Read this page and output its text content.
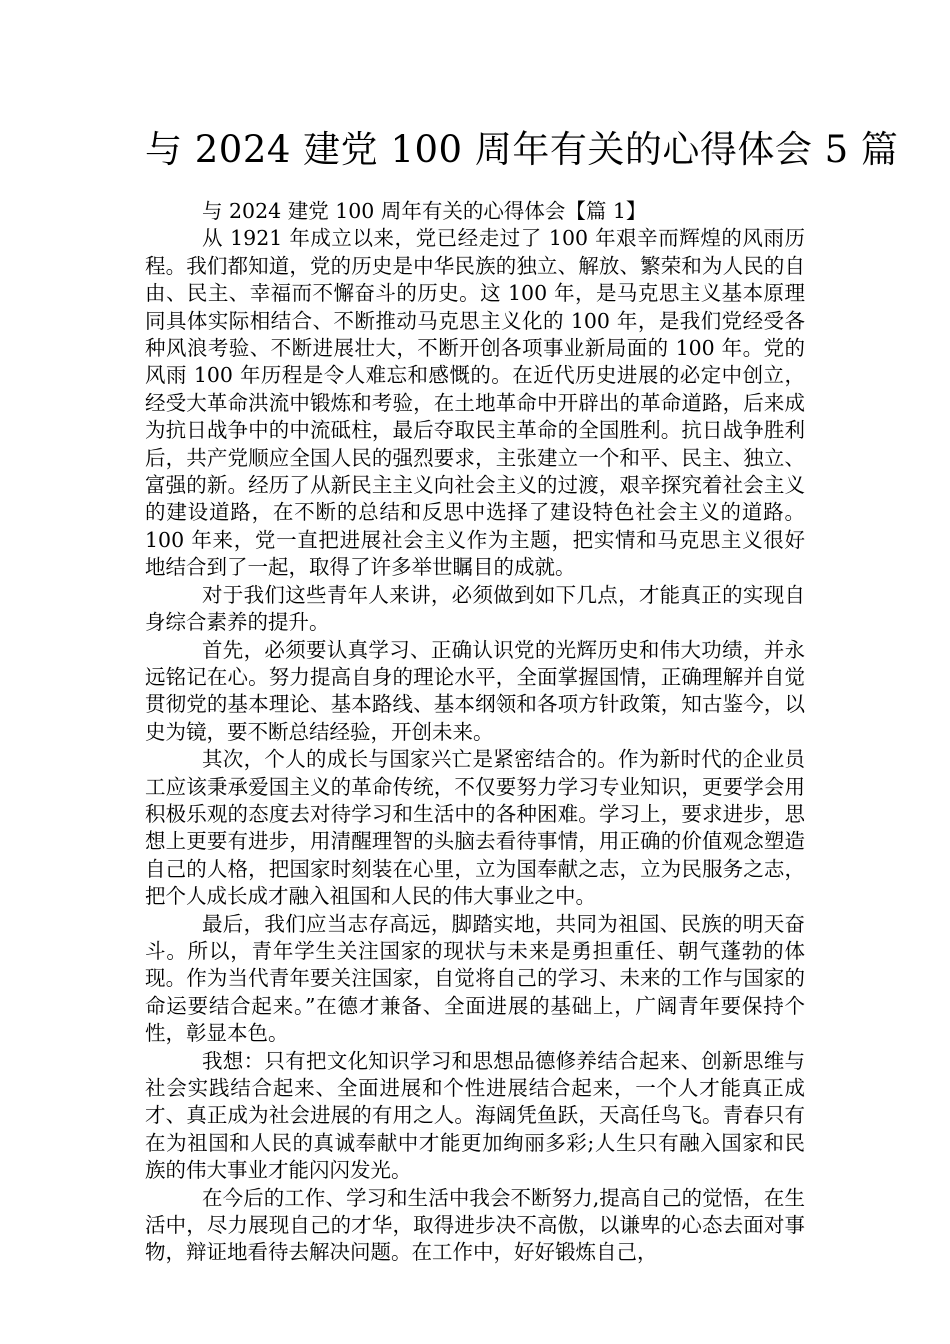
与 2024 建党 100 周年有关的心得体会 5 篇

与 2024 建党 100 周年有关的心得体会【篇 1】

从 1921 年成立以来，党已经走过了 100 年艰辛而辉煌的风雨历程。我们都知道，党的历史是中华民族的独立、解放、繁荣和为人民的自由、民主、幸福而不懈奋斗的历史。这 100 年，是马克思主义基本原理同具体实际相结合、不断推动马克思主义化的 100 年，是我们党经受各种风浪考验、不断进展壮大，不断开创各项事业新局面的 100 年。党的风雨 100 年历程是令人难忘和感慨的。在近代历史进展的必定中创立，经受大革命洪流中锻炼和考验，在土地革命中开辟出的革命道路，后来成为抗日战争中的中流砥柱，最后夺取民主革命的全国胜利。抗日战争胜利后，共产党顺应全国人民的强烈要求，主张建立一个和平、民主、独立、富强的新。经历了从新民主主义向社会主义的过渡，艰辛探究着社会主义的建设道路，在不断的总结和反思中选择了建设特色社会主义的道路。100 年来，党一直把进展社会主义作为主题，把实情和马克思主义很好地结合到了一起，取得了许多举世瞩目的成就。

对于我们这些青年人来讲，必须做到如下几点，才能真正的实现自身综合素养的提升。

首先，必须要认真学习、正确认识党的光辉历史和伟大功绩，并永远铭记在心。努力提高自身的理论水平，全面掌握国情，正确理解并自觉贯彻党的基本理论、基本路线、基本纲领和各项方针政策，知古鉴今，以史为镜，要不断总结经验，开创未来。

其次，个人的成长与国家兴亡是紧密结合的。作为新时代的企业员工应该秉承爱国主义的革命传统，不仅要努力学习专业知识，更要学会用积极乐观的态度去对待学习和生活中的各种困难。学习上，要求进步，思想上更要有进步，用清醒理智的头脑去看待事情，用正确的价值观念塑造自己的人格，把国家时刻装在心里，立为国奉献之志，立为民服务之志，把个人成长成才融入祖国和人民的伟大事业之中。

最后，我们应当志存高远，脚踏实地，共同为祖国、民族的明天奋斗。所以，青年学生关注国家的现状与未来是勇担重任、朝气蓬勃的体现。作为当代青年要关注国家，自觉将自己的学习、未来的工作与国家的命运要结合起来。”在德才兼备、全面进展的基础上，广阔青年要保持个性，彰显本色。

我想：只有把文化知识学习和思想品德修养结合起来、创新思维与社会实践结合起来、全面进展和个性进展结合起来，一个人才能真正成才、真正成为社会进展的有用之人。海阔凭鱼跃，天高任鸟飞。青春只有在为祖国和人民的真诚奉献中才能更加绚丽多彩;人生只有融入国家和民族的伟大事业才能闪闪发光。

在今后的工作、学习和生活中我会不断努力,提高自己的觉悟，在生活中，尽力展现自己的才华，取得进步决不高傲，以谦卑的心态去面对事物，辩证地看待去解决问题。在工作中，好好锻炼自己，
